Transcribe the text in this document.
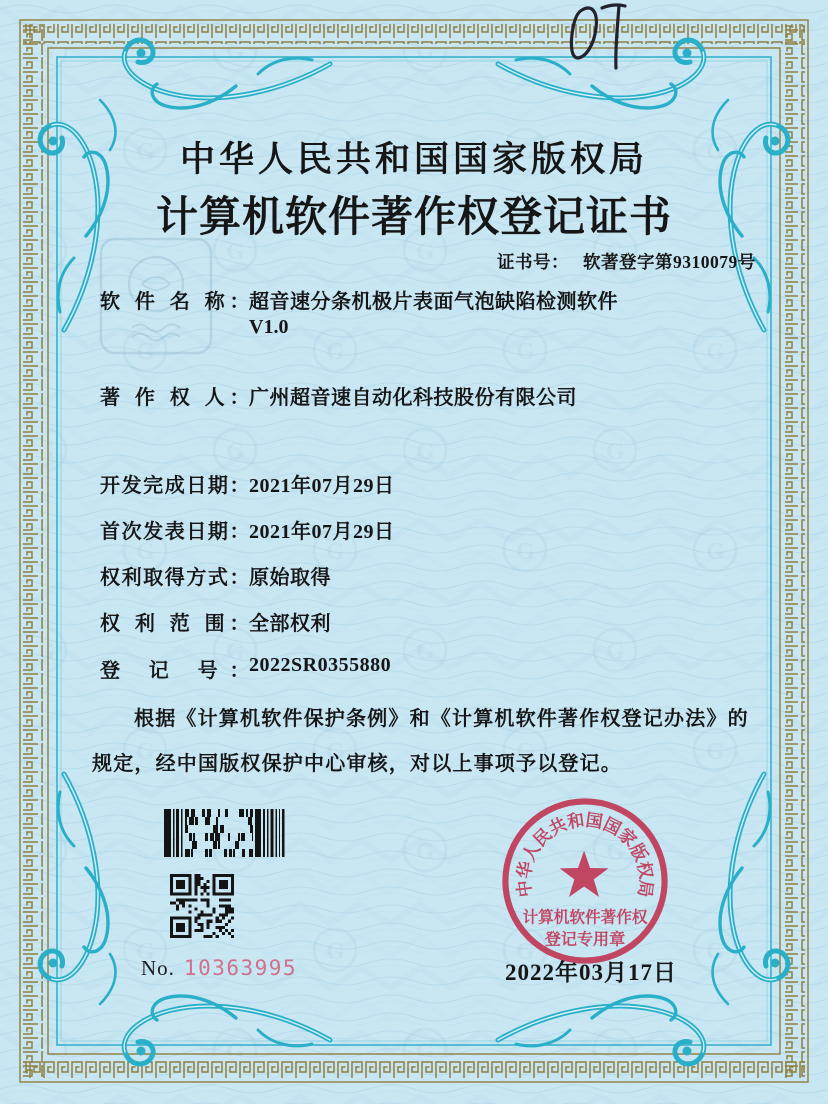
中华人民共和国国家版权局
计算机软件著作权登记证书
证书号： 软著登字第9310079号
软 件 名 称： 超音速分条机极片表面气泡缺陷检测软件
V1.0
著 作 权 人： 广州超音速自动化科技股份有限公司
开发完成日期： 2021年07月29日
首次发表日期： 2021年07月29日
权利取得方式： 原始取得
权 利 范 围： 全部权利
登 记 号： 2022SR0355880
根据《计算机软件保护条例》和《计算机软件著作权登记办法》的
规定，经中国版权保护中心审核，对以上事项予以登记。
No. 10363995
中华人民共和国国家版权局
计算机软件著作权
登记专用章
2022年03月17日
